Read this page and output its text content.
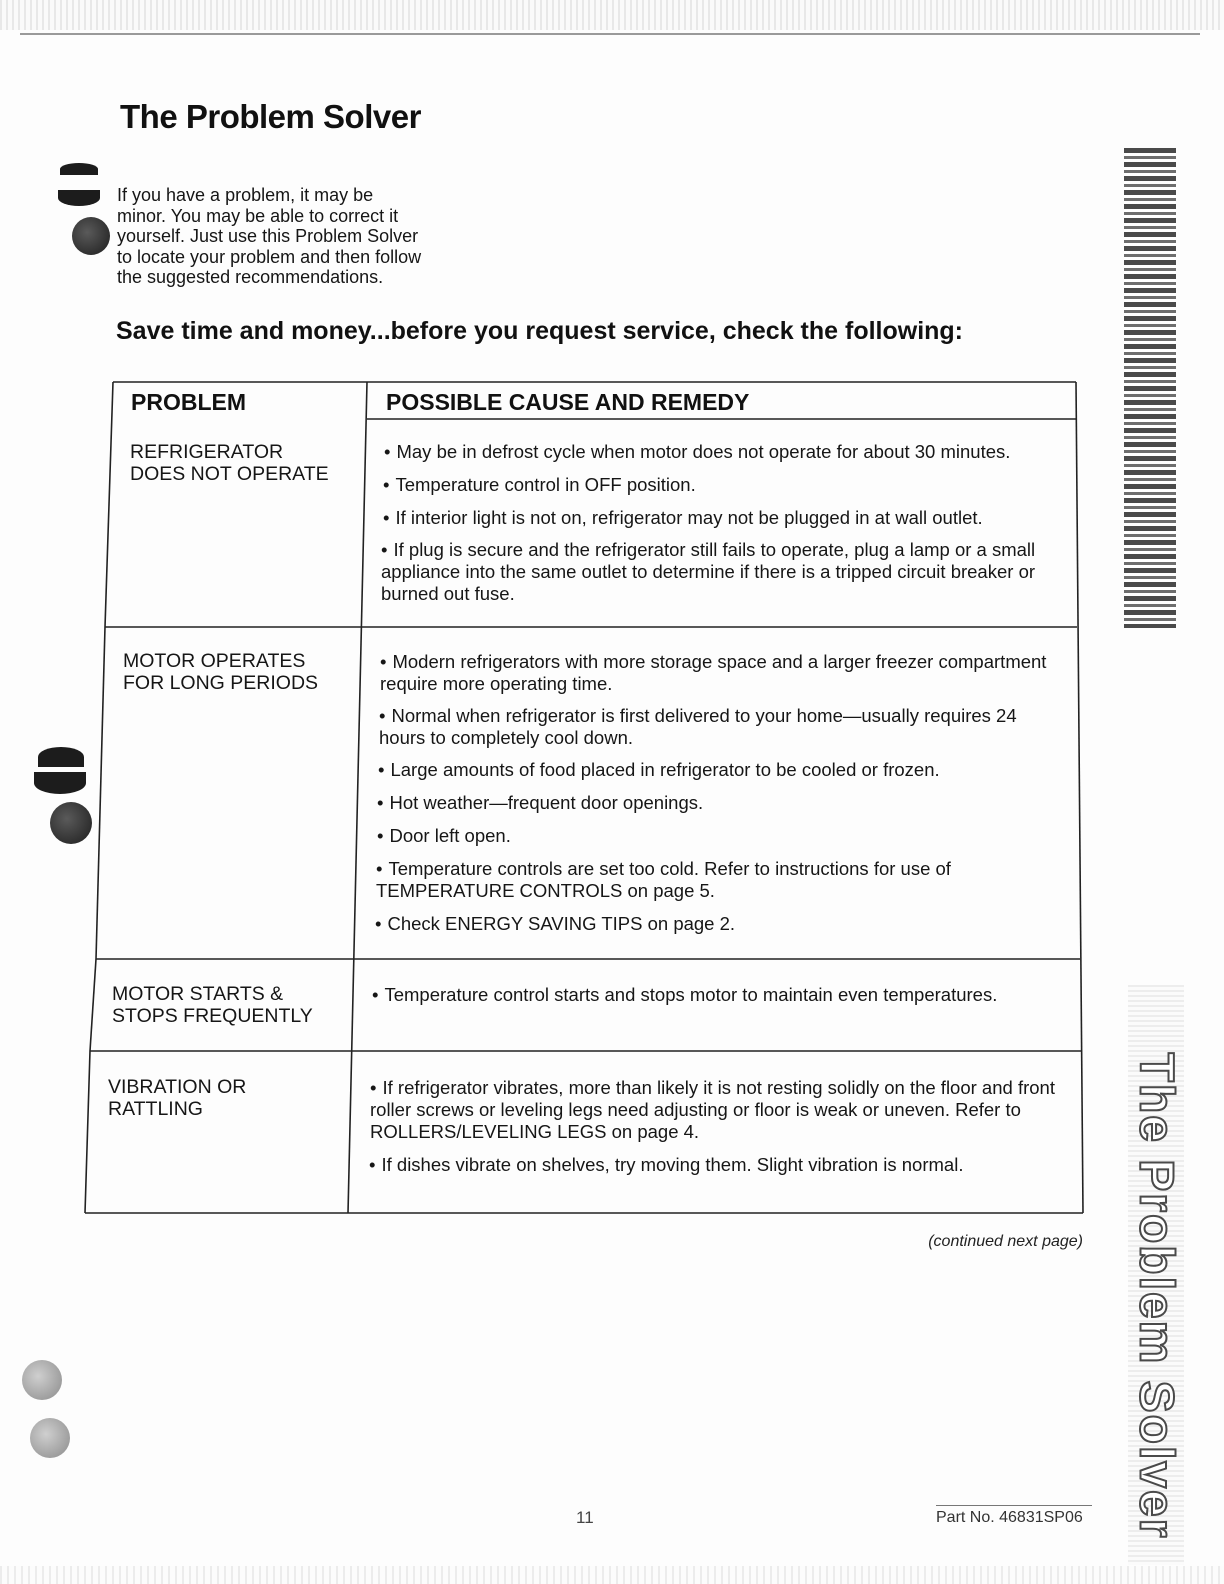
The Problem Solver
The Problem Solver

If you have a problem, it may be minor. You may be able to correct it yourself. Just use this Problem Solver to locate your problem and then follow the suggested recommendations.

Save time and money...before you request service, check the following:
PROBLEM	POSSIBLE CAUSE AND REMEDY
REFRIGERATOR
DOES NOT OPERATE
• May be in defrost cycle when motor does not operate for about 30 minutes.
• Temperature control in OFF position.
• If interior light is not on, refrigerator may not be plugged in at wall outlet.
• If plug is secure and the refrigerator still fails to operate, plug a lamp or a small appliance into the same outlet to determine if there is a tripped circuit breaker or burned out fuse.
MOTOR OPERATES
FOR LONG PERIODS
• Modern refrigerators with more storage space and a larger freezer compartment require more operating time.
• Normal when refrigerator is first delivered to your home—usually requires 24 hours to completely cool down.
• Large amounts of food placed in refrigerator to be cooled or frozen.
• Hot weather—frequent door openings.
• Door left open.
• Temperature controls are set too cold. Refer to instructions for use of TEMPERATURE CONTROLS on page 5.
• Check ENERGY SAVING TIPS on page 2.
MOTOR STARTS &
STOPS FREQUENTLY
• Temperature control starts and stops motor to maintain even temperatures.
VIBRATION OR
RATTLING
• If refrigerator vibrates, more than likely it is not resting solidly on the floor and front roller screws or leveling legs need adjusting or floor is weak or uneven. Refer to ROLLERS/LEVELING LEGS on page 4.
• If dishes vibrate on shelves, try moving them. Slight vibration is normal.
(continued next page)
11	Part No. 46831SP06
